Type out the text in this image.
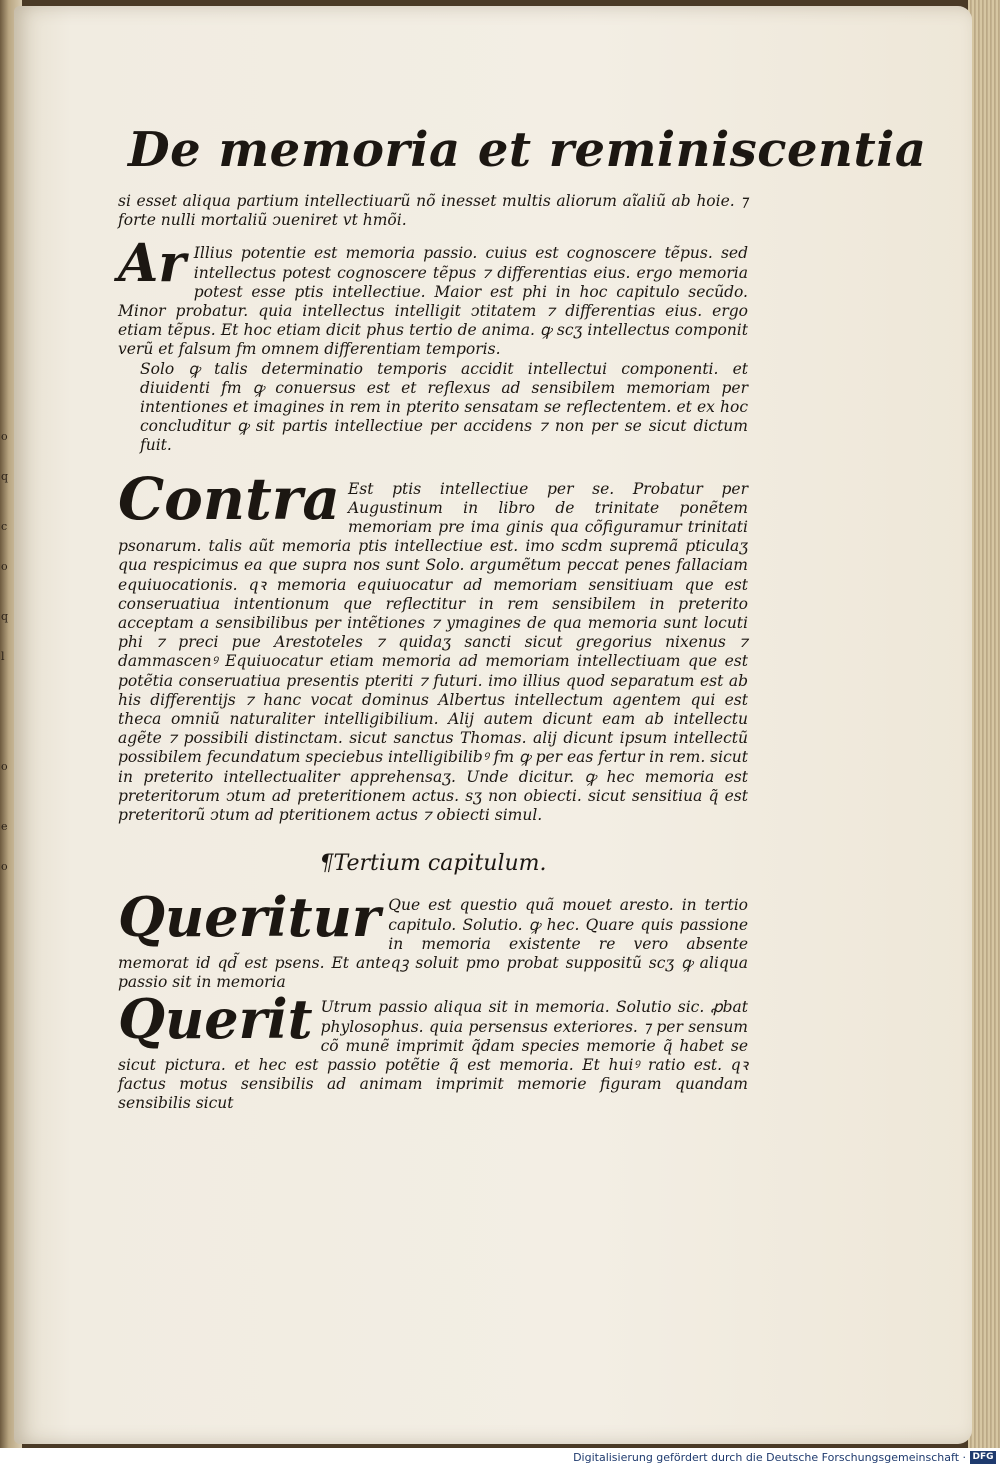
o
q
c
o
q
l
o
e
o
De memoria et reminiscentia

si esset aliqua partium intellectiuarũ nõ inesset multis aliorum aĩaliũ ab hoie. ⁊ forte nulli mortaliũ ↄueniret vt hmõi.

Ar Illius potentie est memoria passio. cuius est cognoscere tẽpus. sed intellectus potest cognoscere tẽpus ⁊ differentias eius. ergo memoria potest esse ptis intellectiue. Maior est phi in hoc capitulo secũdo. Minor probatur. quia intellectus intelligit ↄtitatem ⁊ differentias eius. ergo etiam tẽpus. Et hoc etiam dicit phus tertio de anima. ꝙ scʒ intellectus componit verũ et falsum fm omnem differentiam temporis.

Solo ꝙ talis determinatio temporis accidit intellectui componenti. et diuidenti fm ꝙ conuersus est et reflexus ad sensibilem memoriam per intentiones et imagines in rem in pterito sensatam se reflectentem. et ex hoc concluditur ꝙ sit partis intellectiue per accidens ⁊ non per se sicut dictum fuit.

Contra Est ptis intellectiue per se. Probatur per Augustinum in libro de trinitate ponẽtem memoriam pre ima ginis qua cõfiguramur trinitati psonarum. talis aũt memoria ptis intellectiue est. imo scdm supremã pticulaʒ qua respicimus ea que supra nos sunt Solo. argumẽtum peccat penes fallaciam equiuocationis. qꝛ memoria equiuocatur ad memoriam sensitiuam que est conseruatiua intentionum que reflectitur in rem sensibilem in preterito acceptam a sensibilibus per intẽtiones ⁊ ymagines de qua memoria sunt locuti phi ⁊ preci pue Arestoteles ⁊ quidaʒ sancti sicut gregorius nixenus ⁊ dammascenꝰ Equiuocatur etiam memoria ad memoriam intellectiuam que est potẽtia conseruatiua presentis pteriti ⁊ futuri. imo illius quod separatum est ab his differentijs ⁊ hanc vocat dominus Albertus intellectum agentem qui est theca omniũ naturaliter intelligibilium. Alij autem dicunt eam ab intellectu agẽte ⁊ possibili distinctam. sicut sanctus Thomas. alij dicunt ipsum intellectũ possibilem fecundatum speciebus intelligibilibꝰ fm ꝙ per eas fertur in rem. sicut in preterito intellectualiter apprehensaʒ. Unde dicitur. ꝙ hec memoria est preteritorum ↄtum ad preteritionem actus. sʒ non obiecti. sicut sensitiua q̃ est preteritorũ ↄtum ad pteritionem actus ⁊ obiecti simul.

¶Tertium capitulum.
Queritur Que est questio quã mouet aresto. in tertio capitulo. Solutio. ꝙ hec. Quare quis passione in memoria existente re vero absente memorat id qd̃ est psens. Et anteqꝫ soluit pmo probat suppositũ scʒ ꝙ aliqua passio sit in memoria

Querit Utrum passio aliqua sit in memoria. Solutio sic. ꝓbat phylosophus. quia persensus exteriores. ⁊ per sensum cõ munẽ imprimit q̃dam species memorie q̃ habet se sicut pictura. et hec est passio potẽtie q̃ est memoria. Et huiꝰ ratio est. qꝛ factus motus sensibilis ad animam imprimit memorie figuram quandam sensibilis sicut

Digitalisierung gefördert durch die Deutsche Forschungsgemeinschaft · DFG
